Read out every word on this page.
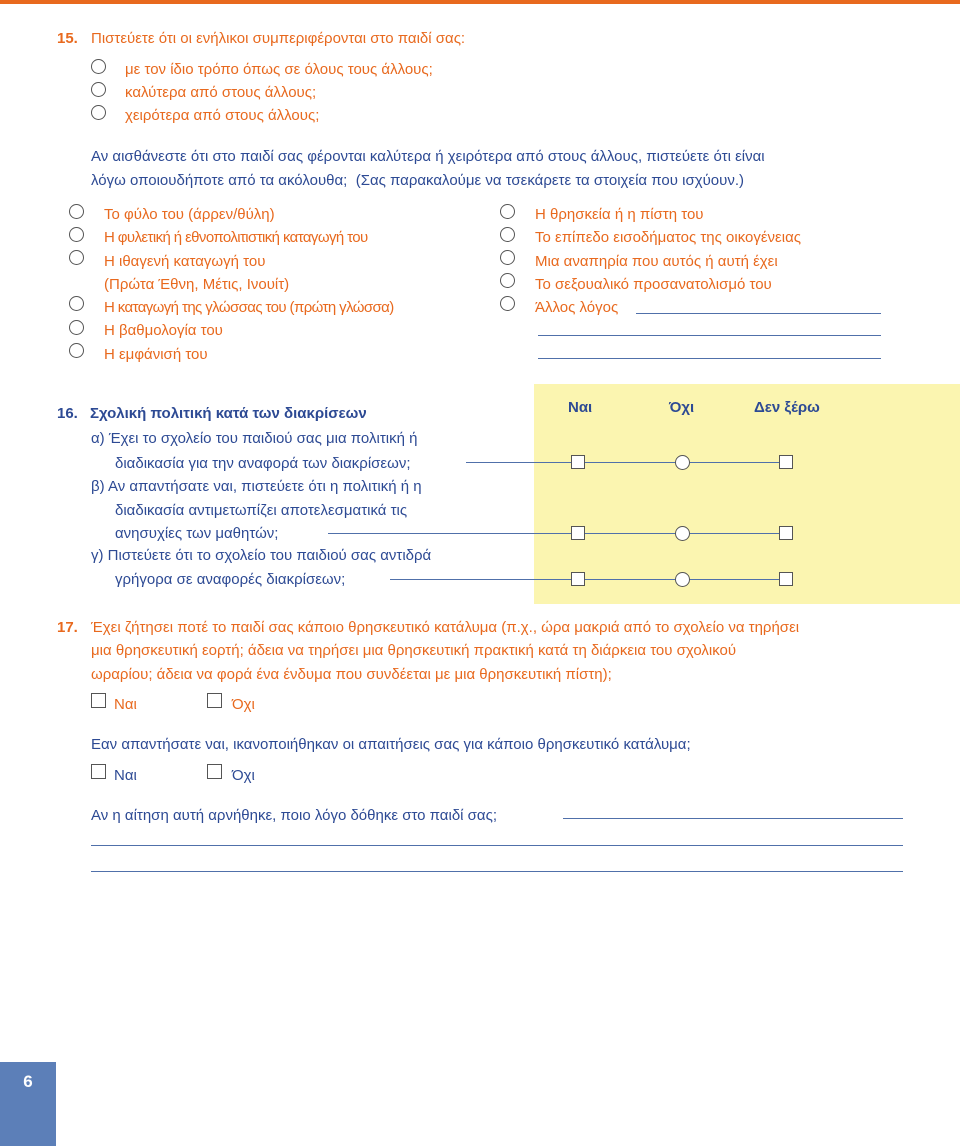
15. Πιστεύετε ότι οι ενήλικοι συμπεριφέρονται στο παιδί σας:
με τον ίδιο τρόπο όπως σε όλους τους άλλους;
καλύτερα από στους άλλους;
χειρότερα από στους άλλους;
Αν αισθάνεστε ότι στο παιδί σας φέρονται καλύτερα ή χειρότερα από στους άλλους, πιστεύετε ότι είναι
λόγω οποιουδήποτε από τα ακόλουθα; (Σας παρακαλούμε να τσεκάρετε τα στοιχεία που ισχύουν.)
Το φύλο του (άρρεν/θύλη)
Η φυλετική ή εθνοπολιτιστική καταγωγή του
Η ιθαγενή καταγωγή του
(Πρώτα Έθνη, Μέτις, Ινουίτ)
Η καταγωγή της γλώσσας του (πρώτη γλώσσα)
Η βαθμολογία του
Η εμφάνισή του
Η θρησκεία ή η πίστη του
Το επίπεδο εισοδήματος της οικογένειας
Μια αναπηρία που αυτός ή αυτή έχει
Το σεξουαλικό προσανατολισμό του
Άλλος λόγος
Ναι	Όχι	Δεν ξέρω
16. Σχολική πολιτική κατά των διακρίσεων
α) Έχει το σχολείο του παιδιού σας μια πολιτική ή
διαδικασία για την αναφορά των διακρίσεων;
β) Αν απαντήσατε ναι, πιστεύετε ότι η πολιτική ή η
διαδικασία αντιμετωπίζει αποτελεσματικά τις
ανησυχίες των μαθητών;
γ) Πιστεύετε ότι το σχολείο του παιδιού σας αντιδρά
γρήγορα σε αναφορές διακρίσεων;
17. Έχει ζήτησει ποτέ το παιδί σας κάποιο θρησκευτικό κατάλυμα (π.χ., ώρα μακριά από το σχολείο να τηρήσει
μια θρησκευτική εορτή; άδεια να τηρήσει μια θρησκευτική πρακτική κατά τη διάρκεια του σχολικού
ωραρίου; άδεια να φορά ένα ένδυμα που συνδέεται με μια θρησκευτική πίστη);
Ναι	Όχι
Εαν απαντήσατε ναι, ικανοποιήθηκαν οι απαιτήσεις σας για κάποιο θρησκευτικό κατάλυμα;
Ναι	Όχι
Αν η αίτηση αυτή αρνήθηκε, ποιο λόγο δόθηκε στο παιδί σας;
6
